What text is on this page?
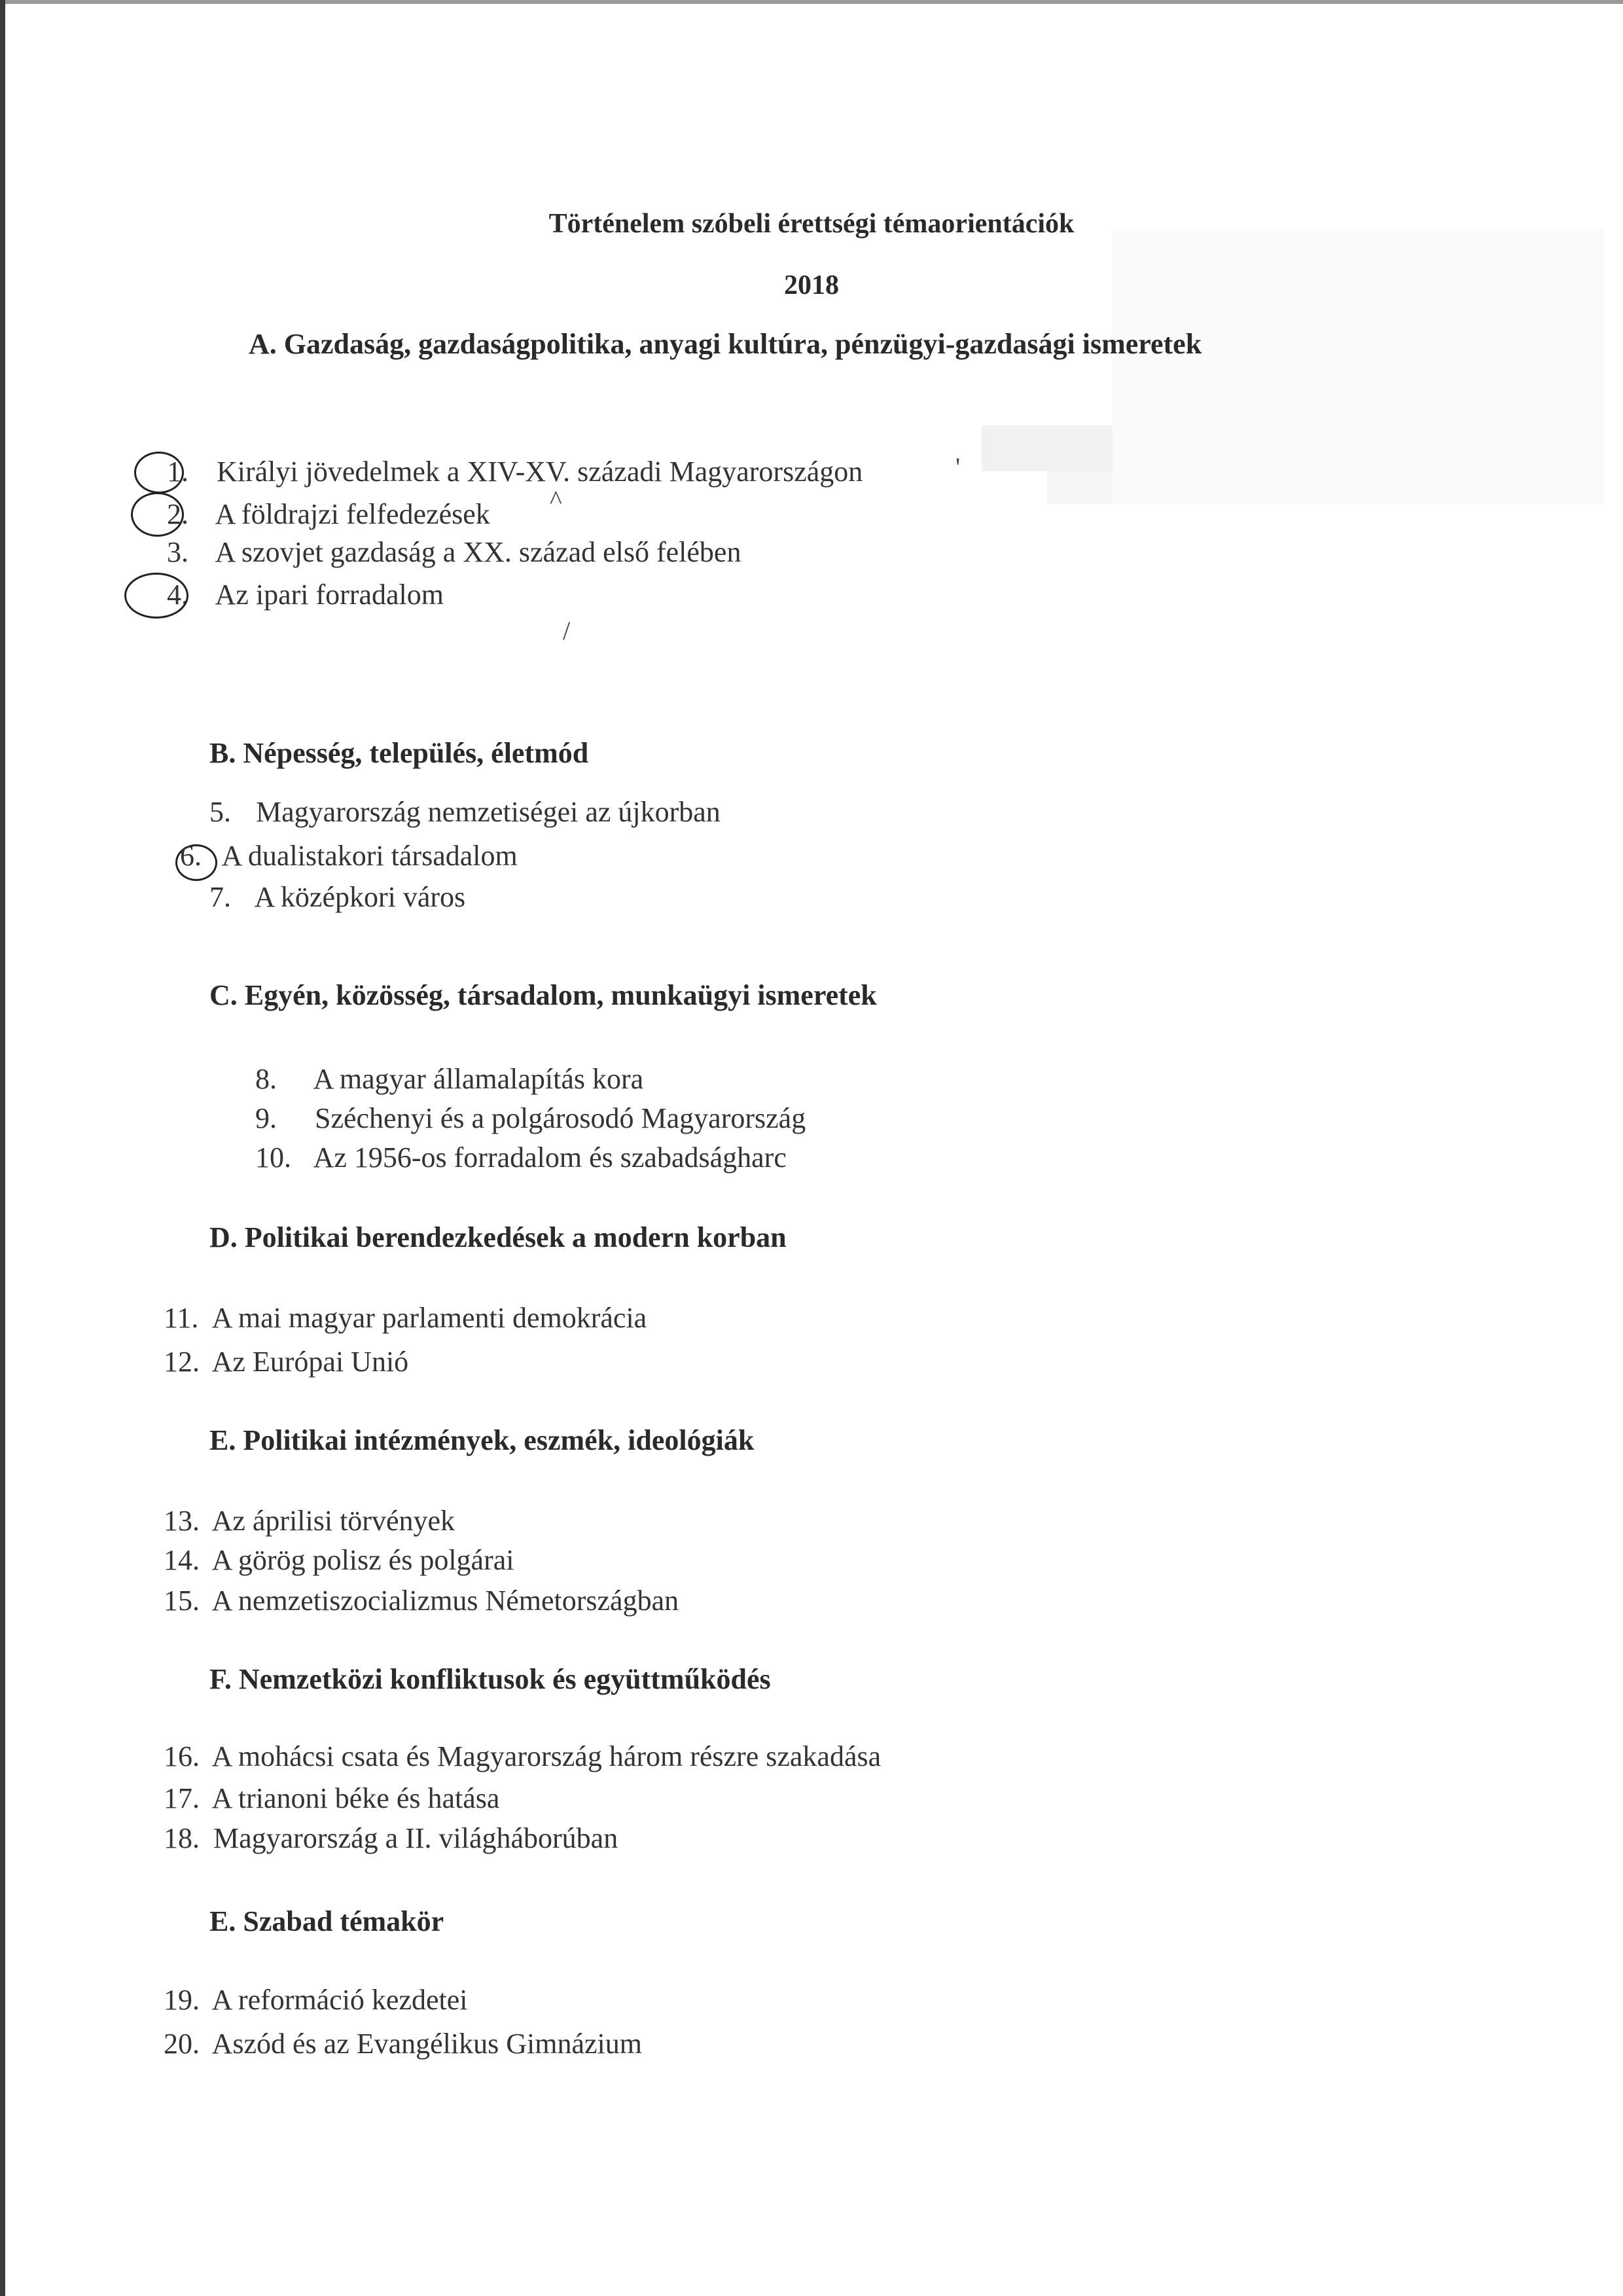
Történelem szóbeli érettségi témaorientációk
2018
A. Gazdaság, gazdaságpolitika, anyagi kultúra, pénzügyi-gazdasági ismeretek
1. Királyi jövedelmek a XIV-XV. századi Magyarországon
2. A földrajzi felfedezések
3. A szovjet gazdaság a XX. század első felében
4. Az ipari forradalom
'
^
/
B. Népesség, település, életmód
5. Magyarország nemzetiségei az újkorban
6. A dualistakori társadalom
7. A középkori város
C. Egyén, közösség, társadalom, munkaügyi ismeretek
8. A magyar államalapítás kora
9. Széchenyi és a polgárosodó Magyarország
10. Az 1956-os forradalom és szabadságharc
D. Politikai berendezkedések a modern korban
11. A mai magyar parlamenti demokrácia
12. Az Európai Unió
E. Politikai intézmények, eszmék, ideológiák
13. Az áprilisi törvények
14. A görög polisz és polgárai
15. A nemzetiszocializmus Németországban
F. Nemzetközi konfliktusok és együttműködés
16. A mohácsi csata és Magyarország három részre szakadása
17. A trianoni béke és hatása
18. Magyarország a II. világháborúban
E. Szabad témakör
19. A reformáció kezdetei
20. Aszód és az Evangélikus Gimnázium
